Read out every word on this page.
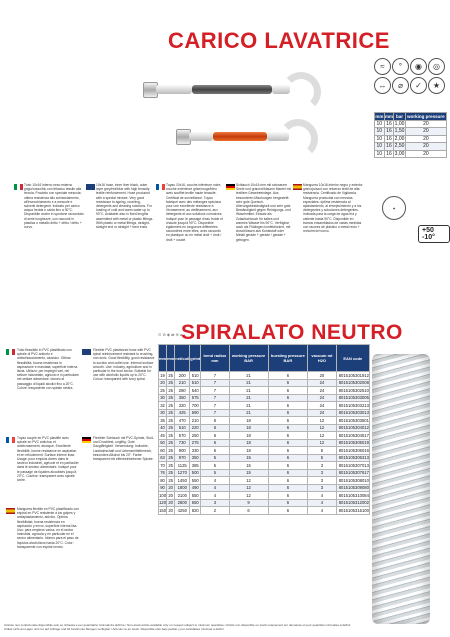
CARICO LAVATRICE
SPIRALATO NEUTRO
≈	°	◉	◎
↔	⌀	✓	★
mm	mm	bar	working pressure
10	16	1,00	20
10	16	1,50	20
10	16	2,00	20
10	16	2,50	20
10	16	3,00	20
Tubo 10x16 interno neso esterno grigio/rosso/blu con trifasico tessile alla treccia. Prodotto con speciale mescola: ottima resistenza allo schiacciamento, all'invecchiamento e a mescole e solventi detergenti. Indicato per carico acqua fredda e calda fino a 90°C. Disponibile anche in sportone raccordato di serie lunghezze, con raccordi in plastica o metallo dritto + dritto / dritto + curvo.
10x16 hose, inner liner black, outer layer grey/red/blue with high tenacity textile reinforcement. Hose produced with a special mixture. Very good resistance to ageing, crushing, detergents and cleaning solutions. For loading of cold and warm water up to 90°C. Available also in fixed lengths assembled with metal or plastic fittings. With plastic or metal fittings, straight-straight end or straight + bent ends.
Tuyau 10x16, couche intérieure noire, couche extérieure grise/rouge/bleu avec soufflet textile haute ténacité. Certificat de surveillance. Tuyau fabriqué avec des mélanges spéciaux pour une excellente résistance à l'écrasement, au vieillissement, aux détergents et aux solutions corrosives. Indiqué pour le passage d'eau froide et chaude jusqu'à 90°C. Disponible également en longueurs différentes raccordées entre elles, avec raccords en plastique ou en métal droit + droit / droit + coudé.
Schlauch 10x16 mm mit schwarzer Seele und grau/rot/blauem Mantel mit textilem Gewebeeinlage. Aus besonderen Mischungen hergestellt: sehr gute Quetsch-Alterungsbeständigkeit und sehr gute Beständigkeit gegen Reinigungs- und Waschmittel. Einsatz als Zulaufschlauch für kaltes und warmes Wasser bis 90°C. Verfügbar auch als Fixlängen konfektioniert, mit Anschlüssen aus Kunststoff oder Metall gerade + gerade / gerade + gebogen.
Manguera 10x16 interior negro y exterior gris/rojo/azul con refuerzo textil de alta resistencia. Certificado de Vigilancia. Manguera producida con mezclas especiales: óptima resistencia al aplastamiento, al envejecimiento y a los detergentes y soluciones detergentes. Indicada para la carga de agua fría y caliente hasta 90°C. Disponible en tramos ensamblados de varias medidas con racores de plástico o metal recto + recto/recto+curvo.
✦
+50 -10°
⊙ ⊘ ◈ ⇄ ≋ ⌀
Tubo flessibile in PVC plastificato con spirale di PVC antiurto e antischiacciamento, atossico. Ottima flessibilità, buona resistenza in aspirazione e mandata; superficie interna liscia. Utilizzo: per impieghi vari, nel settore industriale, agricolo e in particolare nel settore alimentare. Idoneo al passaggio di liquidi alcolici fino a 20°C. Colore: trasparente con spirale neutra.
Flexible PVC plasticized hose with PVC spiral reinforcement resistant to crushing, non-toxic. Good flexibility, good resistance to suction and outlet use. Internal surface smooth. Use: industry, agriculture and in particular in the food sector. Suitable for use with alcoholic liquids up to 20°C. Colour: transparent with ivory spiral.
Tuyau souple en PVC plastifié avec spirale en PVC antichoc et antiécrasement, atoxique. Excellente flexibilité, bonne résistance en aspiration et en refoulement. Surface interne lisse. Usage: pour emplois divers dans le secteur industriel, agricole et en particulier dans le secteur alimentaire. Indiqué pour le passage de liquides alcoolisés jusqu'à 20°C. Couleur: transparent avec spirale ivoire.
Flexibler Schlauch mit PVC-Spirale, Stoß- und Druckfest, ungiftig. Gute Saugfähigkeit. Verwendung: Industrie, Landwirtschaft und Lebensmittelbereich, besonders Alkohol bis 20°. Farbe: transparent mit elfenbeinfarbener Spirale.
Manguera flexible en PVC plastificado con espiral en PVC resistente a los golpes y antiaplastamiento, atóxico. Óptima flexibilidad, buena resistencia en aspiración y envío, superficie interna lisa. Uso: para empleos varios, en el sector industrial, agrícola y en particular en el sector alimentario. Idóneo para el paso de líquidos alcohólicos hasta 20°C. Color: transparente con espiral neutro.
mm	mm	net/coil	gr/mt	bend radius mm	working pressure BAR	bursting pressure BAR	vacuum mt H2O	EAN code
19	25	200	510	7	21	6	20	8015105301912
20	25	210	510	7	21	6	24	8015105302008
25	25	280	540	7	21	6	24	8015105302510
30	25	350	575	7	21	6	24	8015105303005
32	25	320	700	7	21	6	24	8015105303213
30	25	425	590	7	21	6	24	8015105303013
35	25	470	210	6	18	6	12	8015105303501
40	25	510	220	6	18	6	12	8015105304012
45	25	570	250	6	18	6	12	8015105304517
50	25	730	275	6	18	6	12	8015105305019
60	25	900	330	6	18	6	5	8015105306016
63	25	970	350	5	15	6	5	8015105306313
70	25	1125	385	5	15	6	3	8015105307013
76	25	1270	500	5	15	6	3	8015105307617
80	25	1450	550	4	12	6	3	8015105308010
90	20	1800	490	4	12	6	3	8015105309080
100	20	2100	550	4	12	6	4	8015105310084
120	20	2800	650	3	9	6	4	8015105312002
150	20	4250	820	2	6	6	4	8015105315100
Articolo non confezionato disponibile solo su richiesta e per quantitativi minimali da definire / Non-stock article available only on request subject to minimum quantities / Article non disponible en stock uniquement sur demande et pour quantités minimales à définir
Artikel nicht am Lager und nur auf Anfrage und für bestimmte Mengen verfügbar / Artículo no en stock. Disponible sólo bajo pedido y por cantidades mínimas a definir
